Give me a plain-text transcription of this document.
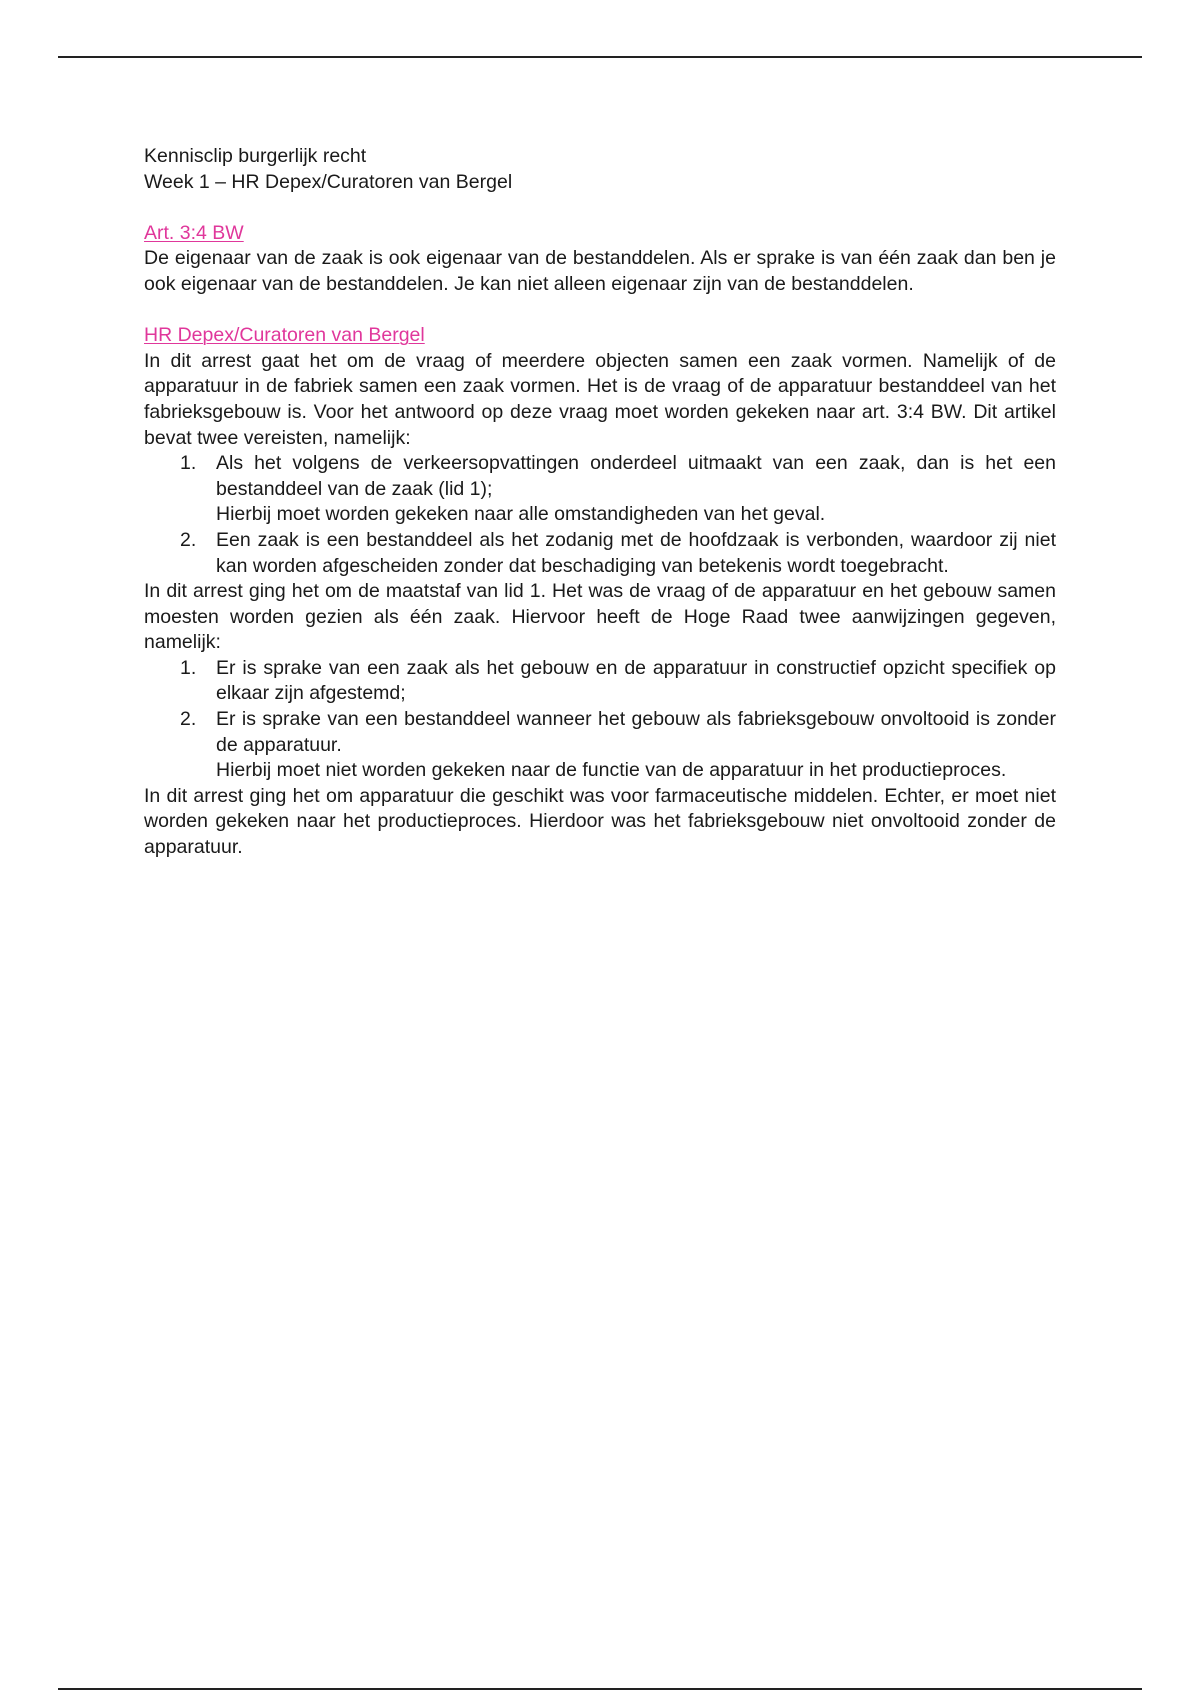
Kennisclip burgerlijk recht

Week 1 – HR Depex/Curatoren van Bergel

Art. 3:4 BW

De eigenaar van de zaak is ook eigenaar van de bestanddelen. Als er sprake is van één zaak dan ben je ook eigenaar van de bestanddelen. Je kan niet alleen eigenaar zijn van de bestanddelen.

HR Depex/Curatoren van Bergel

In dit arrest gaat het om de vraag of meerdere objecten samen een zaak vormen. Namelijk of de apparatuur in de fabriek samen een zaak vormen. Het is de vraag of de apparatuur bestanddeel van het fabrieksgebouw is. Voor het antwoord op deze vraag moet worden gekeken naar art. 3:4 BW. Dit artikel bevat twee vereisten, namelijk:

1.	Als het volgens de verkeersopvattingen onderdeel uitmaakt van een zaak, dan is het een bestanddeel van de zaak (lid 1);

Hierbij moet worden gekeken naar alle omstandigheden van het geval.

2.	Een zaak is een bestanddeel als het zodanig met de hoofdzaak is verbonden, waardoor zij niet kan worden afgescheiden zonder dat beschadiging van betekenis wordt toegebracht.

In dit arrest ging het om de maatstaf van lid 1. Het was de vraag of de apparatuur en het gebouw samen moesten worden gezien als één zaak. Hiervoor heeft de Hoge Raad twee aanwijzingen gegeven, namelijk:

1.	Er is sprake van een zaak als het gebouw en de apparatuur in constructief opzicht specifiek op elkaar zijn afgestemd;

2.	Er is sprake van een bestanddeel wanneer het gebouw als fabrieksgebouw onvoltooid is zonder de apparatuur.

Hierbij moet niet worden gekeken naar de functie van de apparatuur in het productieproces.

In dit arrest ging het om apparatuur die geschikt was voor farmaceutische middelen. Echter, er moet niet worden gekeken naar het productieproces. Hierdoor was het fabrieksgebouw niet onvoltooid zonder de apparatuur.
